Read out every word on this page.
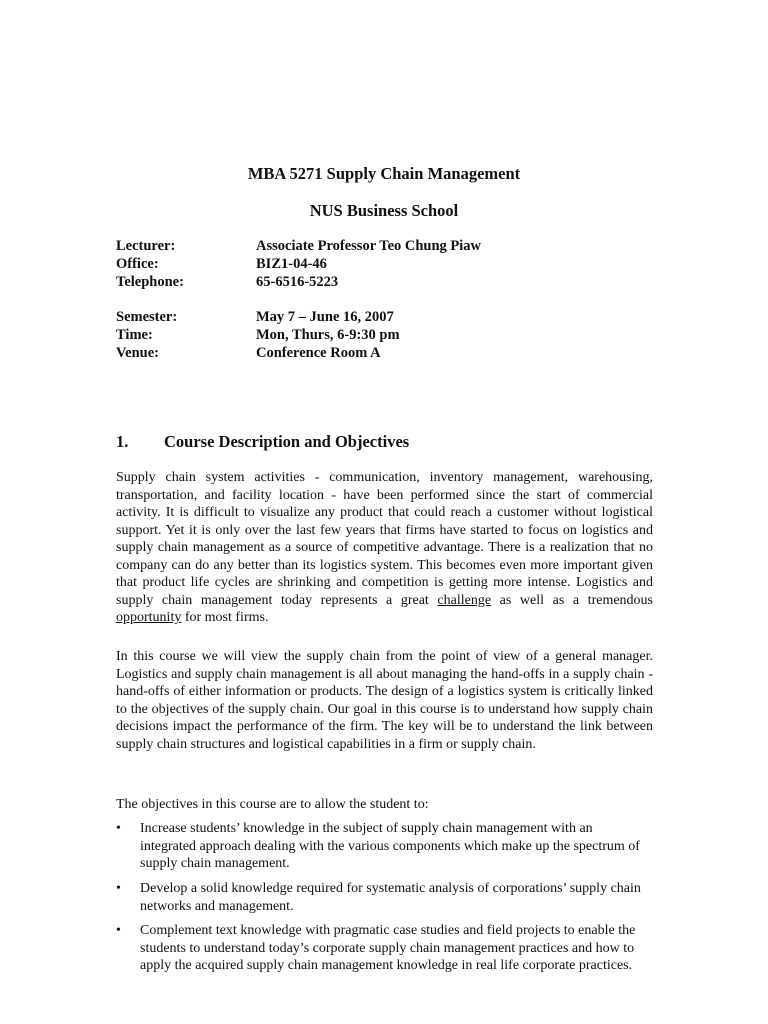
MBA 5271 Supply Chain Management
NUS Business School
Lecturer:	Associate Professor Teo Chung Piaw
Office:	BIZ1-04-46
Telephone:	65-6516-5223
Semester:	May 7 – June 16, 2007
Time:	Mon, Thurs, 6-9:30 pm
Venue:	Conference Room A
1. Course Description and Objectives

Supply chain system activities - communication, inventory management, warehousing, transportation, and facility location - have been performed since the start of commercial activity. It is difficult to visualize any product that could reach a customer without logistical support. Yet it is only over the last few years that firms have started to focus on logistics and supply chain management as a source of competitive advantage. There is a realization that no company can do any better than its logistics system. This becomes even more important given that product life cycles are shrinking and competition is getting more intense. Logistics and supply chain management today represents a great challenge as well as a tremendous opportunity for most firms.

In this course we will view the supply chain from the point of view of a general manager. Logistics and supply chain management is all about managing the hand-offs in a supply chain - hand-offs of either information or products. The design of a logistics system is critically linked to the objectives of the supply chain. Our goal in this course is to understand how supply chain decisions impact the performance of the firm. The key will be to understand the link between supply chain structures and logistical capabilities in a firm or supply chain.

The objectives in this course are to allow the student to:

• Increase students’ knowledge in the subject of supply chain management with an integrated approach dealing with the various components which make up the spectrum of supply chain management.
• Develop a solid knowledge required for systematic analysis of corporations’ supply chain networks and management.
• Complement text knowledge with pragmatic case studies and field projects to enable the students to understand today’s corporate supply chain management practices and how to apply the acquired supply chain management knowledge in real life corporate practices.
